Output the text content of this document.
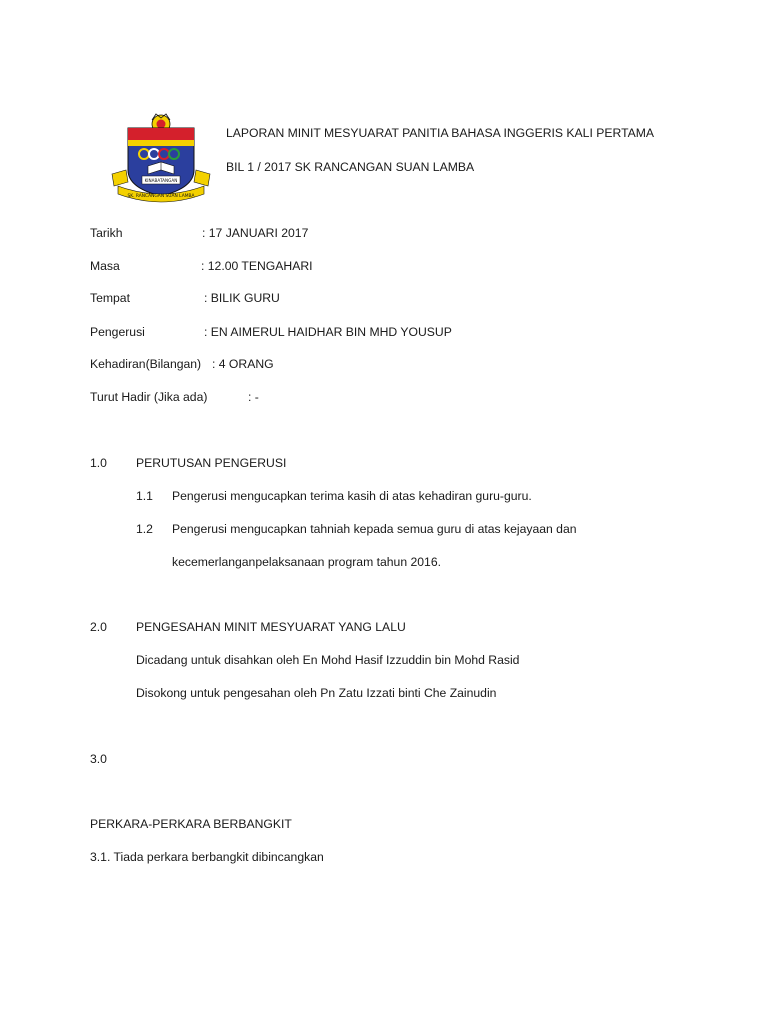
KINABATANGAN
SK. RANCANGAN SUAN LAMBA
LAPORAN MINIT MESYUARAT PANITIA BAHASA INGGERIS KALI PERTAMA
BIL 1 / 2017 SK RANCANGAN SUAN LAMBA
Tarikh	: 17 JANUARI 2017
Masa	: 12.00 TENGAHARI
Tempat	: BILIK GURU
Pengerusi	: EN AIMERUL HAIDHAR BIN MHD YOUSUP
Kehadiran(Bilangan) : 4 ORANG
Turut Hadir (Jika ada)	: -
1.0 PERUTUSAN PENGERUSI
1.1 Pengerusi mengucapkan terima kasih di atas kehadiran guru-guru.
1.2 Pengerusi mengucapkan tahniah kepada semua guru di atas kejayaan dan
kecemerlanganpelaksanaan program tahun 2016.
2.0 PENGESAHAN MINIT MESYUARAT YANG LALU
Dicadang untuk disahkan oleh En Mohd Hasif Izzuddin bin Mohd Rasid
Disokong untuk pengesahan oleh Pn Zatu Izzati binti Che Zainudin
3.0
PERKARA-PERKARA BERBANGKIT
3.1. Tiada perkara berbangkit dibincangkan
